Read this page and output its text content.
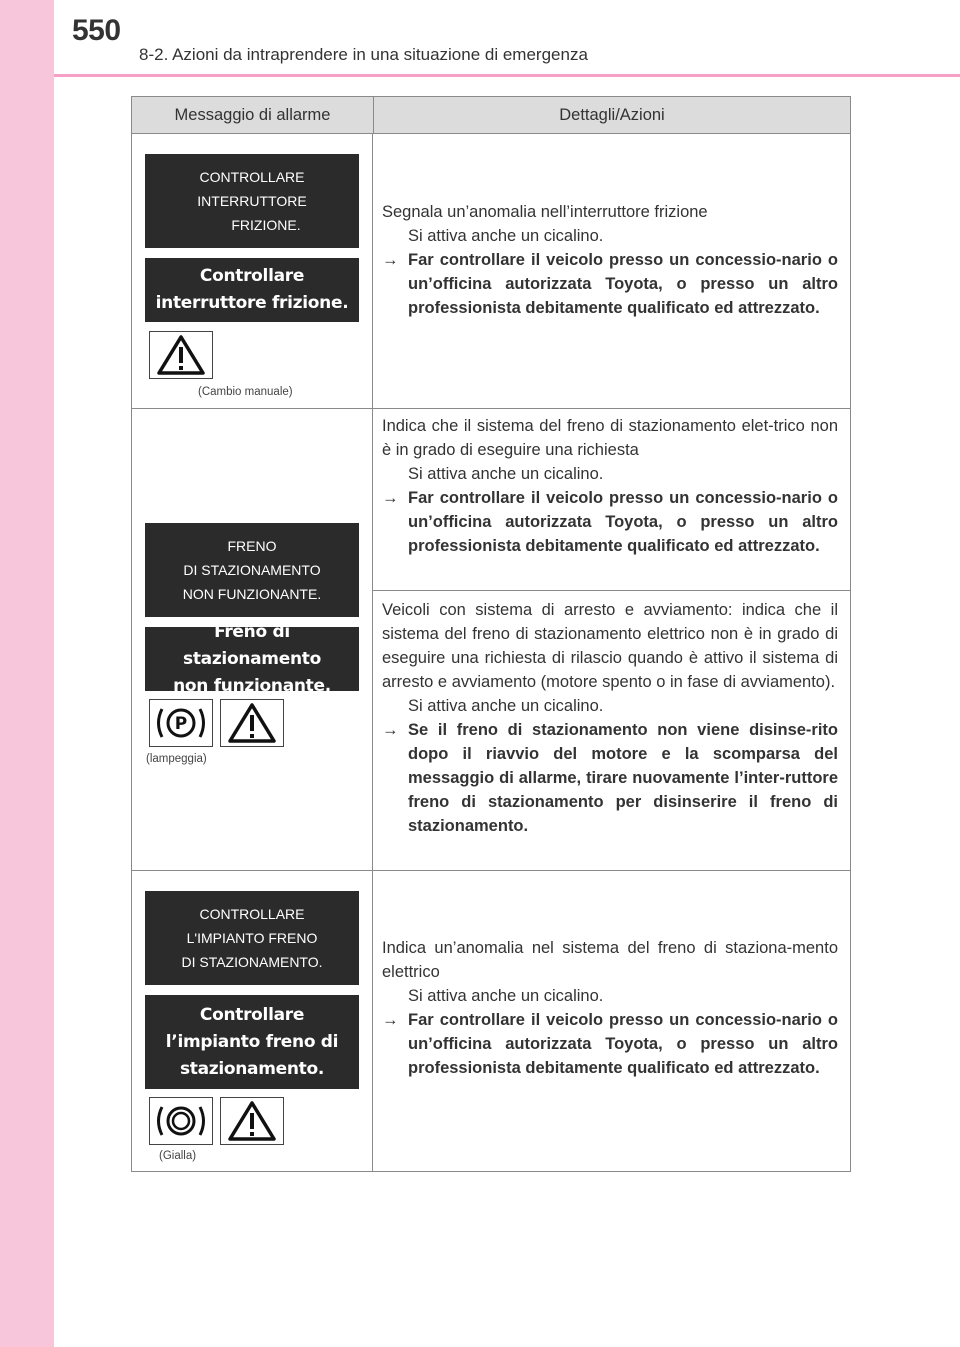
550
8-2. Azioni da intraprendere in una situazione di emergenza
Messaggio di allarme	Dettagli/Azioni
CONTROLLARE
INTERRUTTORE
FRIZIONE.
Controllare
interruttore frizione.
(Cambio manuale)

Segnala un’anomalia nell’interruttore frizione

Si attiva anche un cicalino.

→ Far controllare il veicolo presso un concessio-nario o un’officina autorizzata Toyota, o presso un altro professionista debitamente qualificato ed attrezzato.
FRENO
DI STAZIONAMENTO
NON FUNZIONANTE.
Freno di stazionamento
non funzionante.
P
(lampeggia)

Indica che il sistema del freno di stazionamento elet-trico non è in grado di eseguire una richiesta

Si attiva anche un cicalino.

→ Far controllare il veicolo presso un concessio-nario o un’officina autorizzata Toyota, o presso un altro professionista debitamente qualificato ed attrezzato.

Veicoli con sistema di arresto e avviamento: indica che il sistema del freno di stazionamento elettrico non è in grado di eseguire una richiesta di rilascio quando è attivo il sistema di arresto e avviamento (motore spento o in fase di avviamento).

Si attiva anche un cicalino.

→ Se il freno di stazionamento non viene disinse-rito dopo il riavvio del motore e la scomparsa del messaggio di allarme, tirare nuovamente l’inter-ruttore freno di stazionamento per disinserire il freno di stazionamento.
CONTROLLARE
L'IMPIANTO FRENO
DI STAZIONAMENTO.
Controllare
l’impianto freno di
stazionamento.
(Gialla)

Indica un’anomalia nel sistema del freno di staziona-mento elettrico

Si attiva anche un cicalino.

→ Far controllare il veicolo presso un concessio-nario o un’officina autorizzata Toyota, o presso un altro professionista debitamente qualificato ed attrezzato.
